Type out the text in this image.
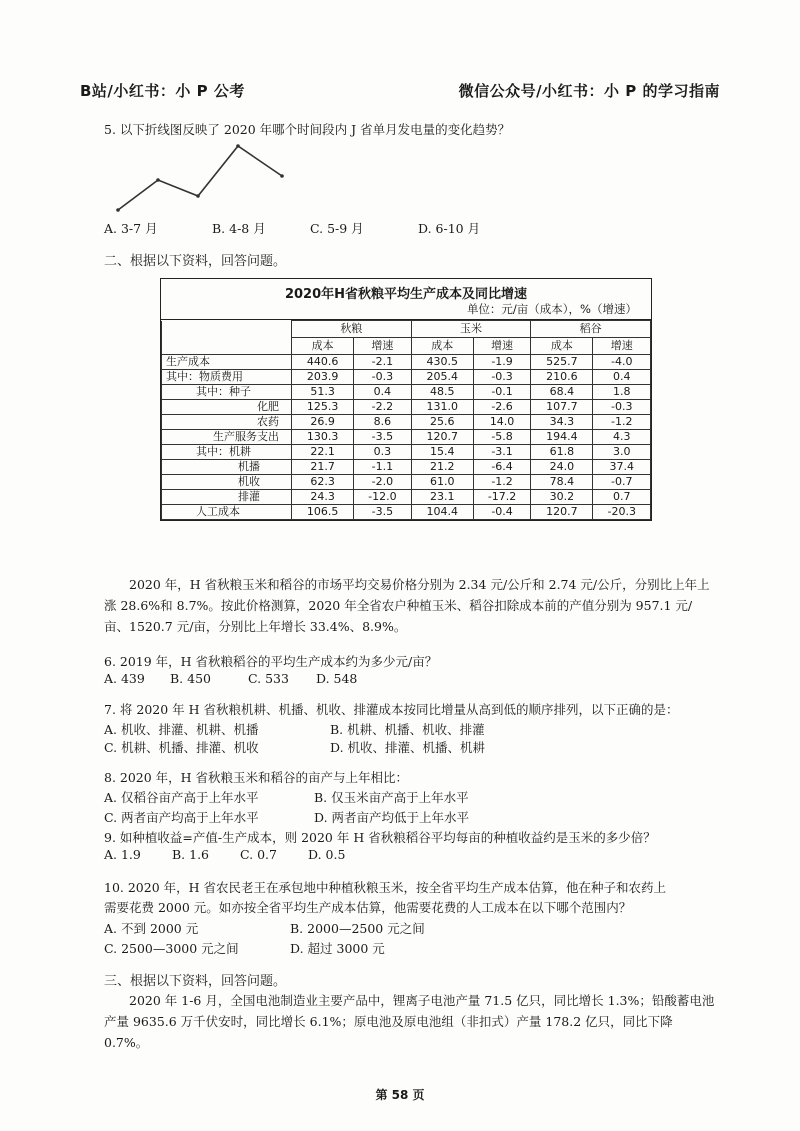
B站/小红书：小 P 公考	微信公众号/小红书：小 P 的学习指南
5. 以下折线图反映了 2020 年哪个时间段内 J 省单月发电量的变化趋势？
A. 3-7 月	B. 4-8 月	C. 5-9 月	D. 6-10 月
二、根据以下资料，回答问题。
2020年H省秋粮平均生产成本及同比增速
单位：元/亩（成本），%（增速）
	秋粮		玉米		稻谷	
	成本	增速	成本	增速	成本	增速
生产成本	440.6	-2.1	430.5	-1.9	525.7	-4.0
其中：物质费用	203.9	-0.3	205.4	-0.3	210.6	0.4
其中：种子	51.3	0.4	48.5	-0.1	68.4	1.8
化肥	125.3	-2.2	131.0	-2.6	107.7	-0.3
农药	26.9	8.6	25.6	14.0	34.3	-1.2
生产服务支出	130.3	-3.5	120.7	-5.8	194.4	4.3
其中：机耕	22.1	0.3	15.4	-3.1	61.8	3.0
机播	21.7	-1.1	21.2	-6.4	24.0	37.4
机收	62.3	-2.0	61.0	-1.2	78.4	-0.7
排灌	24.3	-12.0	23.1	-17.2	30.2	0.7
人工成本	106.5	-3.5	104.4	-0.4	120.7	-20.3
2020 年，H 省秋粮玉米和稻谷的市场平均交易价格分别为 2.34 元/公斤和 2.74 元/公斤，分别比上年上涨 28.6%和 8.7%。按此价格测算，2020 年全省农户种植玉米、稻谷扣除成本前的产值分别为 957.1 元/亩、1520.7 元/亩，分别比上年增长 33.4%、8.9%。
6. 2019 年，H 省秋粮稻谷的平均生产成本约为多少元/亩？
A. 439 B. 450	C. 533 D. 548
7. 将 2020 年 H 省秋粮机耕、机播、机收、排灌成本按同比增量从高到低的顺序排列，以下正确的是：
A. 机收、排灌、机耕、机播	B. 机耕、机播、机收、排灌
C. 机耕、机播、排灌、机收	D. 机收、排灌、机播、机耕
8. 2020 年，H 省秋粮玉米和稻谷的亩产与上年相比：
A. 仅稻谷亩产高于上年水平	B. 仅玉米亩产高于上年水平
C. 两者亩产均高于上年水平	D. 两者亩产均低于上年水平
9. 如种植收益=产值-生产成本，则 2020 年 H 省秋粮稻谷平均每亩的种植收益约是玉米的多少倍？
A. 1.9 B. 1.6 C. 0.7 D. 0.5
10. 2020 年，H 省农民老王在承包地中种植秋粮玉米，按全省平均生产成本估算，他在种子和农药上
需要花费 2000 元。如亦按全省平均生产成本估算，他需要花费的人工成本在以下哪个范围内？
A. 不到 2000 元	B. 2000—2500 元之间
C. 2500—3000 元之间	D. 超过 3000 元
三、根据以下资料，回答问题。
2020 年 1-6 月，全国电池制造业主要产品中，锂离子电池产量 71.5 亿只，同比增长 1.3%；铅酸蓄电池产量 9635.6 万千伏安时，同比增长 6.1%；原电池及原电池组（非扣式）产量 178.2 亿只，同比下降 0.7%。
第 58 页
